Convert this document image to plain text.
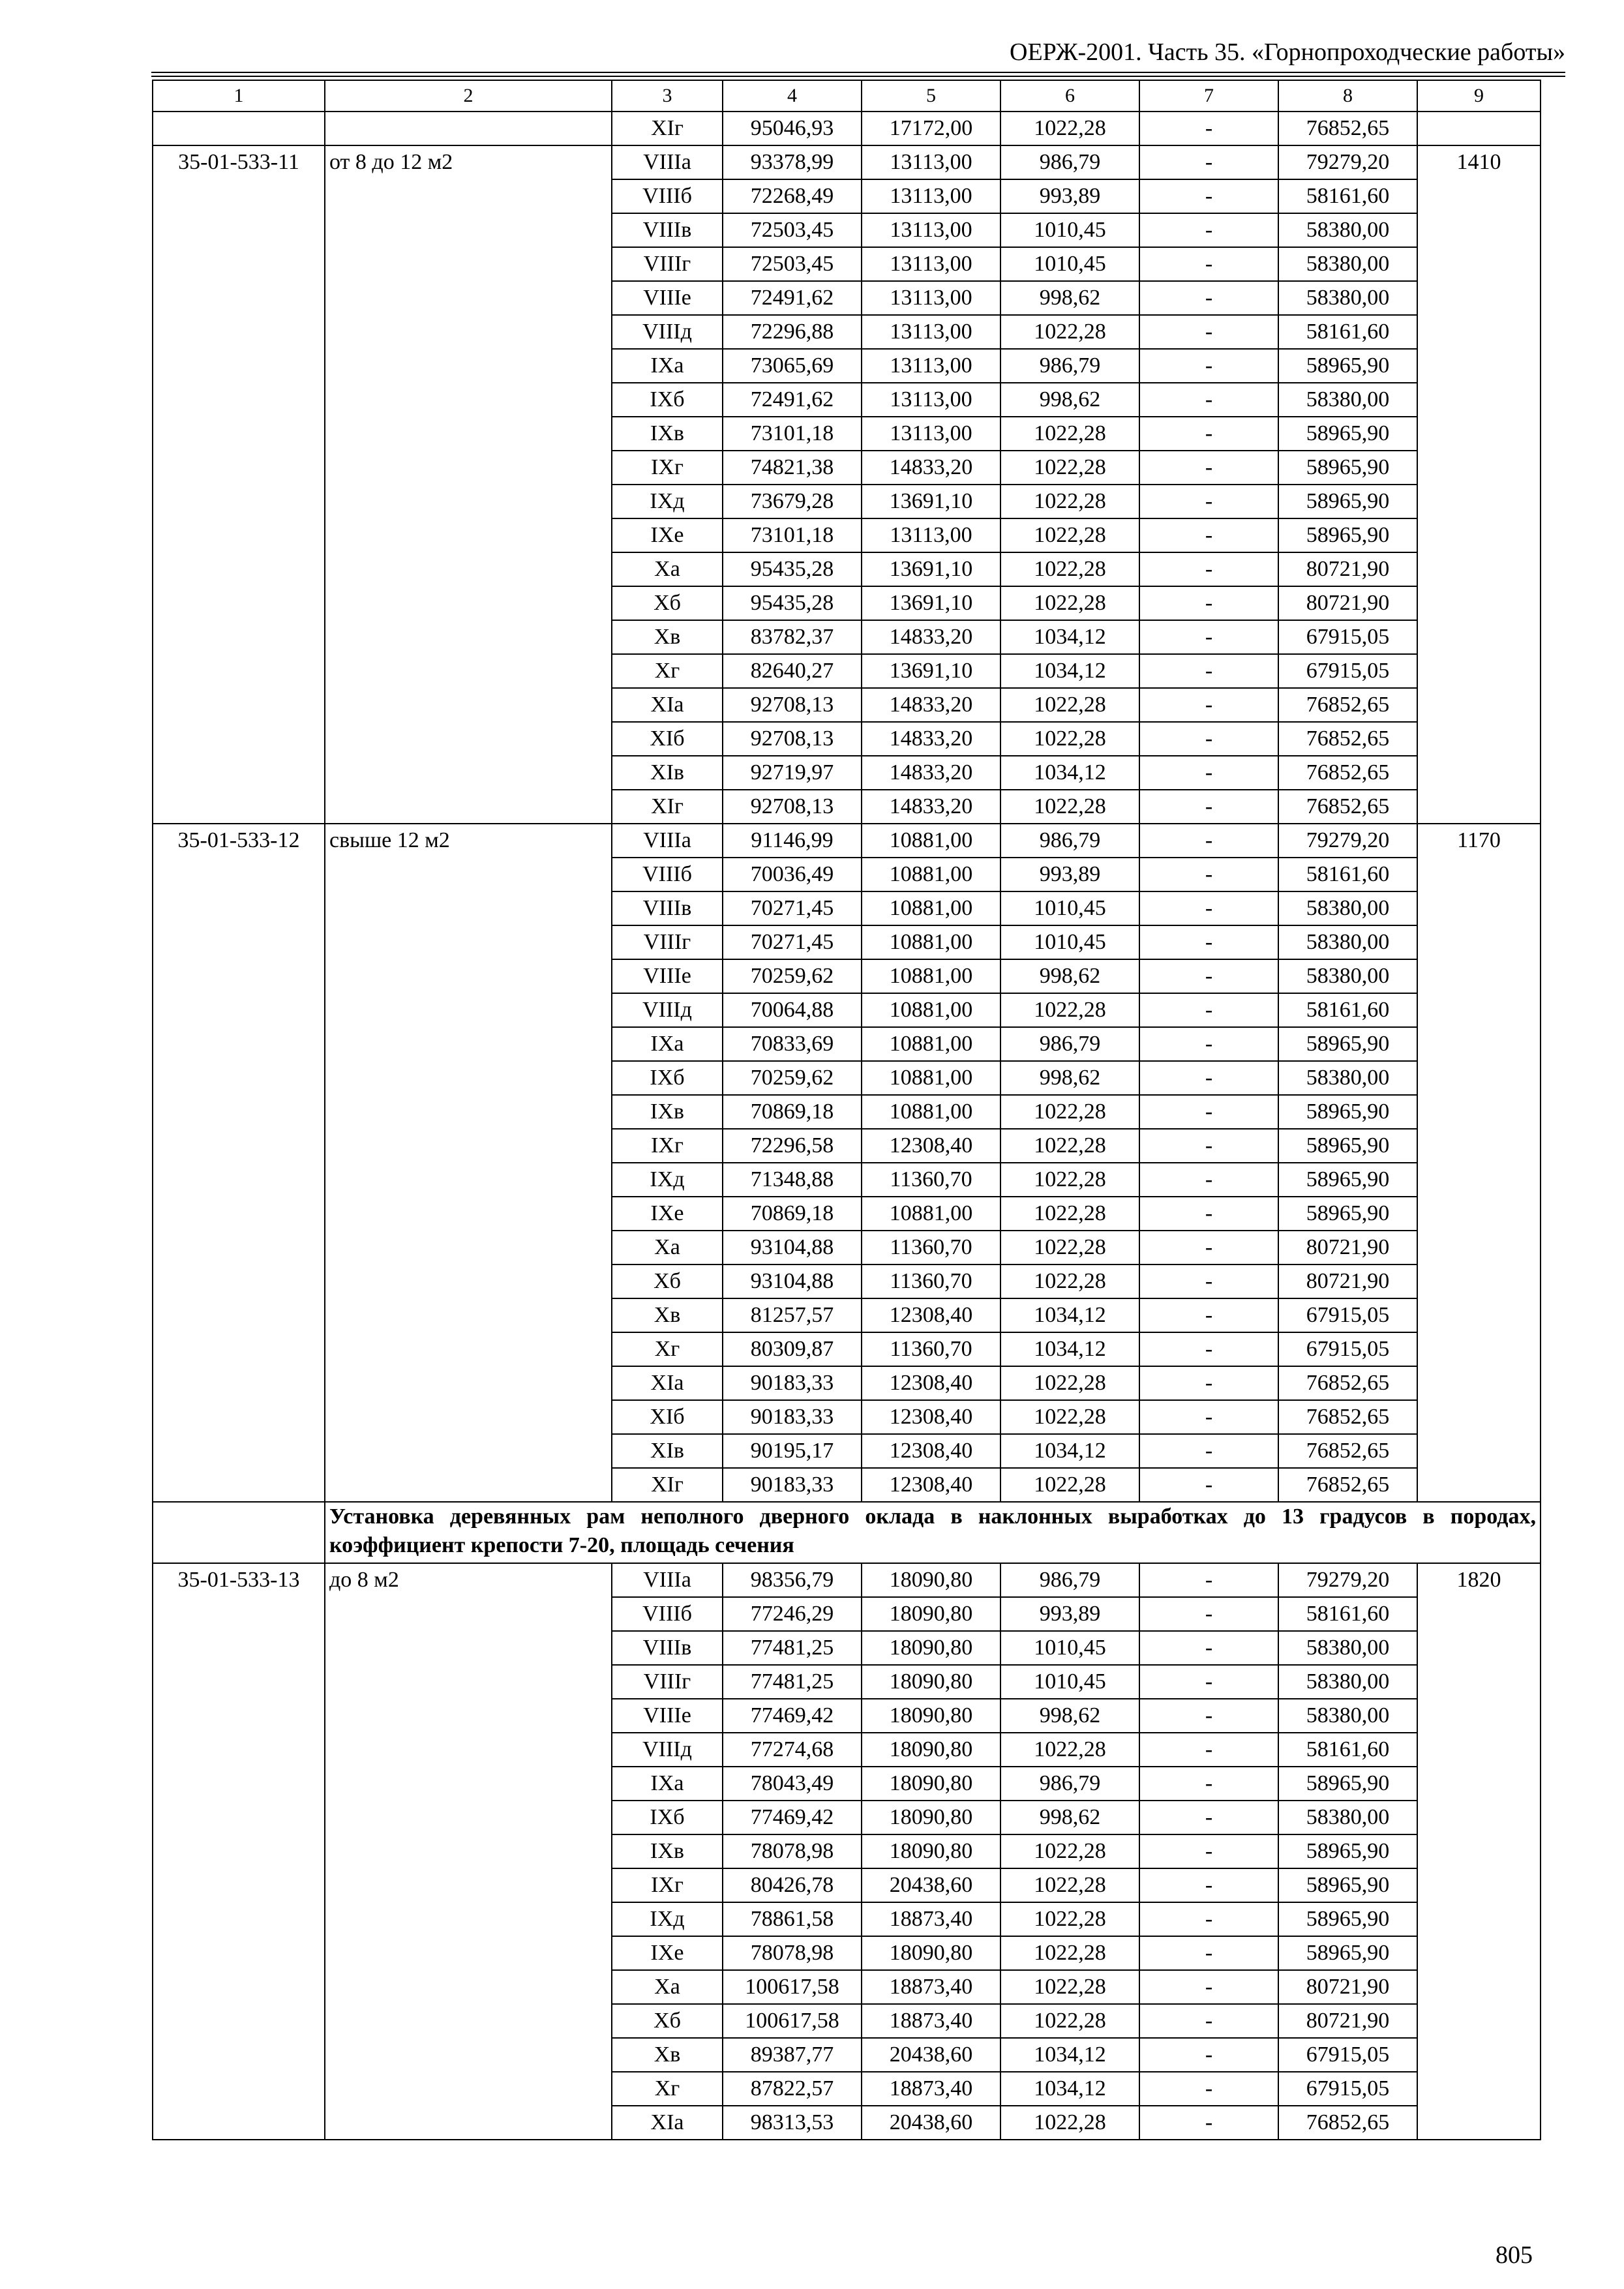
ОЕРЖ-2001. Часть 35. «Горнопроходческие работы»
1	2	3	4	5	6	7	8	9
		XIг	95046,93	17172,00	1022,28	-	76852,65	
35-01-533-11	от 8 до 12 м2	VIIIа	93378,99	13113,00	986,79	-	79279,20	1410
		VIIIб	72268,49	13113,00	993,89	-	58161,60	
		VIIIв	72503,45	13113,00	1010,45	-	58380,00	
		VIIIг	72503,45	13113,00	1010,45	-	58380,00	
		VIIIе	72491,62	13113,00	998,62	-	58380,00	
		VIIIд	72296,88	13113,00	1022,28	-	58161,60	
		IXа	73065,69	13113,00	986,79	-	58965,90	
		IXб	72491,62	13113,00	998,62	-	58380,00	
		IXв	73101,18	13113,00	1022,28	-	58965,90	
		IXг	74821,38	14833,20	1022,28	-	58965,90	
		IXд	73679,28	13691,10	1022,28	-	58965,90	
		IXе	73101,18	13113,00	1022,28	-	58965,90	
		Xа	95435,28	13691,10	1022,28	-	80721,90	
		Xб	95435,28	13691,10	1022,28	-	80721,90	
		Xв	83782,37	14833,20	1034,12	-	67915,05	
		Xг	82640,27	13691,10	1034,12	-	67915,05	
		XIа	92708,13	14833,20	1022,28	-	76852,65	
		XIб	92708,13	14833,20	1022,28	-	76852,65	
		XIв	92719,97	14833,20	1034,12	-	76852,65	
		XIг	92708,13	14833,20	1022,28	-	76852,65	
35-01-533-12	свыше 12 м2	VIIIа	91146,99	10881,00	986,79	-	79279,20	1170
		VIIIб	70036,49	10881,00	993,89	-	58161,60	
		VIIIв	70271,45	10881,00	1010,45	-	58380,00	
		VIIIг	70271,45	10881,00	1010,45	-	58380,00	
		VIIIе	70259,62	10881,00	998,62	-	58380,00	
		VIIIд	70064,88	10881,00	1022,28	-	58161,60	
		IXа	70833,69	10881,00	986,79	-	58965,90	
		IXб	70259,62	10881,00	998,62	-	58380,00	
		IXв	70869,18	10881,00	1022,28	-	58965,90	
		IXг	72296,58	12308,40	1022,28	-	58965,90	
		IXд	71348,88	11360,70	1022,28	-	58965,90	
		IXе	70869,18	10881,00	1022,28	-	58965,90	
		Xа	93104,88	11360,70	1022,28	-	80721,90	
		Xб	93104,88	11360,70	1022,28	-	80721,90	
		Xв	81257,57	12308,40	1034,12	-	67915,05	
		Xг	80309,87	11360,70	1034,12	-	67915,05	
		XIа	90183,33	12308,40	1022,28	-	76852,65	
		XIб	90183,33	12308,40	1022,28	-	76852,65	
		XIв	90195,17	12308,40	1034,12	-	76852,65	
		XIг	90183,33	12308,40	1022,28	-	76852,65	
	Установка деревянных рам неполного дверного оклада в наклонных выработках до 13 градусов в породах, коэффициент крепости 7-20, площадь сечения							
35-01-533-13	до 8 м2	VIIIа	98356,79	18090,80	986,79	-	79279,20	1820
		VIIIб	77246,29	18090,80	993,89	-	58161,60	
		VIIIв	77481,25	18090,80	1010,45	-	58380,00	
		VIIIг	77481,25	18090,80	1010,45	-	58380,00	
		VIIIе	77469,42	18090,80	998,62	-	58380,00	
		VIIIд	77274,68	18090,80	1022,28	-	58161,60	
		IXа	78043,49	18090,80	986,79	-	58965,90	
		IXб	77469,42	18090,80	998,62	-	58380,00	
		IXв	78078,98	18090,80	1022,28	-	58965,90	
		IXг	80426,78	20438,60	1022,28	-	58965,90	
		IXд	78861,58	18873,40	1022,28	-	58965,90	
		IXе	78078,98	18090,80	1022,28	-	58965,90	
		Xа	100617,58	18873,40	1022,28	-	80721,90	
		Xб	100617,58	18873,40	1022,28	-	80721,90	
		Xв	89387,77	20438,60	1034,12	-	67915,05	
		Xг	87822,57	18873,40	1034,12	-	67915,05	
		XIа	98313,53	20438,60	1022,28	-	76852,65	
805
